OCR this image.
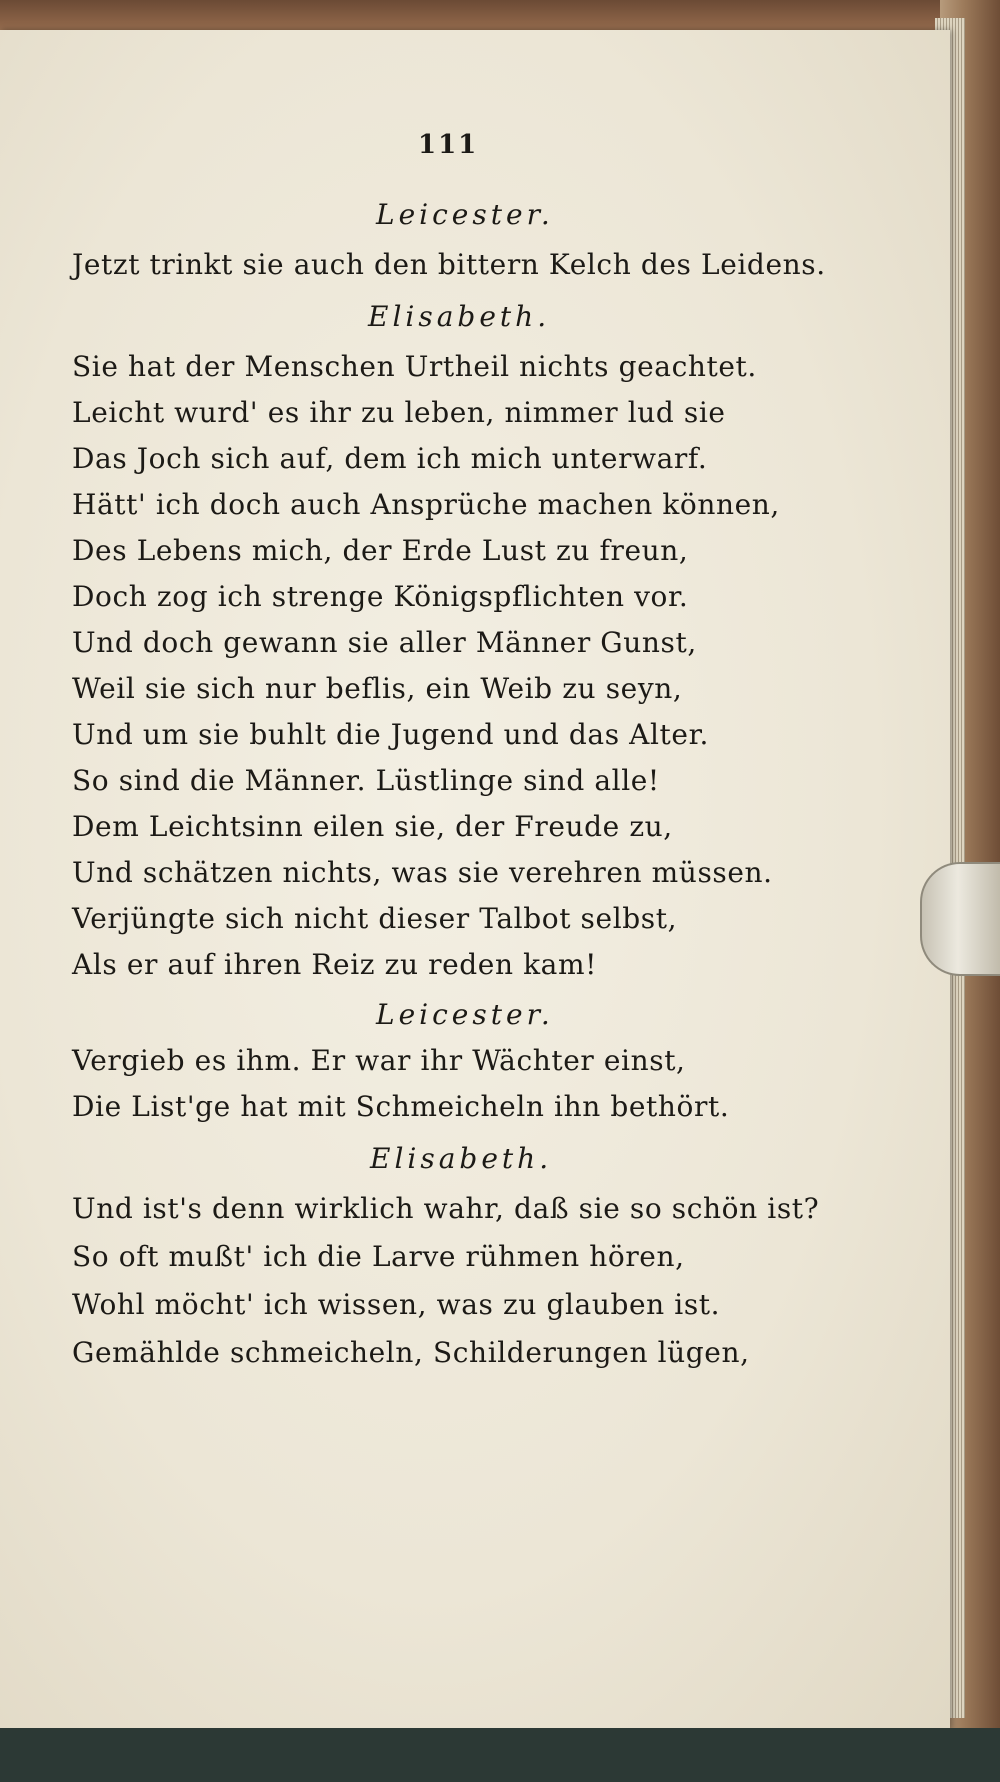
111
Leicester.
Jetzt trinkt sie auch den bittern Kelch des Leidens.
Elisabeth.
Sie hat der Menschen Urtheil nichts geachtet.
Leicht wurd' es ihr zu leben, nimmer lud sie
Das Joch sich auf, dem ich mich unterwarf.
Hätt' ich doch auch Ansprüche machen können,
Des Lebens mich, der Erde Lust zu freun,
Doch zog ich strenge Königspflichten vor.
Und doch gewann sie aller Männer Gunst,
Weil sie sich nur beflis, ein Weib zu seyn,
Und um sie buhlt die Jugend und das Alter.
So sind die Männer. Lüstlinge sind alle!
Dem Leichtsinn eilen sie, der Freude zu,
Und schätzen nichts, was sie verehren müssen.
Verjüngte sich nicht dieser Talbot selbst,
Als er auf ihren Reiz zu reden kam!
Leicester.
Vergieb es ihm. Er war ihr Wächter einst,
Die List'ge hat mit Schmeicheln ihn bethört.
Elisabeth.
Und ist's denn wirklich wahr, daß sie so schön ist?
So oft mußt' ich die Larve rühmen hören,
Wohl möcht' ich wissen, was zu glauben ist.
Gemählde schmeicheln, Schilderungen lügen,
